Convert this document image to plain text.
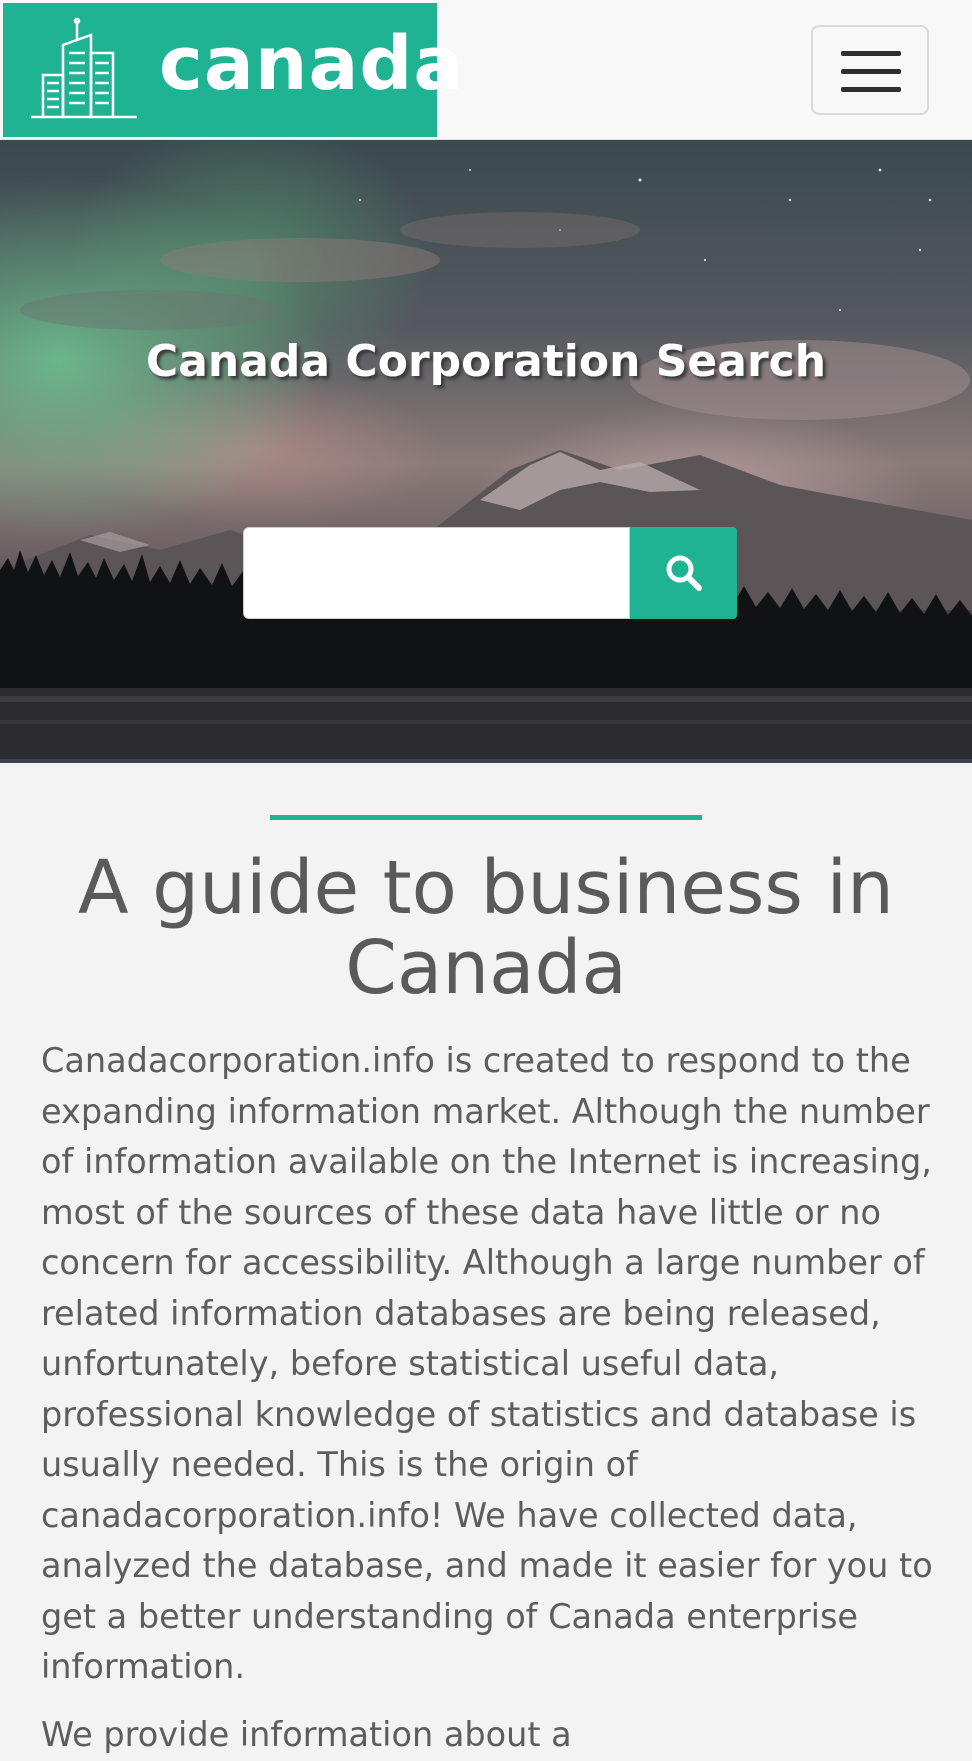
canada
Canada Corporation Search
A guide to business in Canada

Canadacorporation.info is created to respond to the expanding information market. Although the number of information available on the Internet is increasing, most of the sources of these data have little or no concern for accessibility. Although a large number of related information databases are being released, unfortunately, before statistical useful data, professional knowledge of statistics and database is usually needed. This is the origin of canadacorporation.info! We have collected data, analyzed the database, and made it easier for you to get a better understanding of Canada enterprise information.

We provide information about a
